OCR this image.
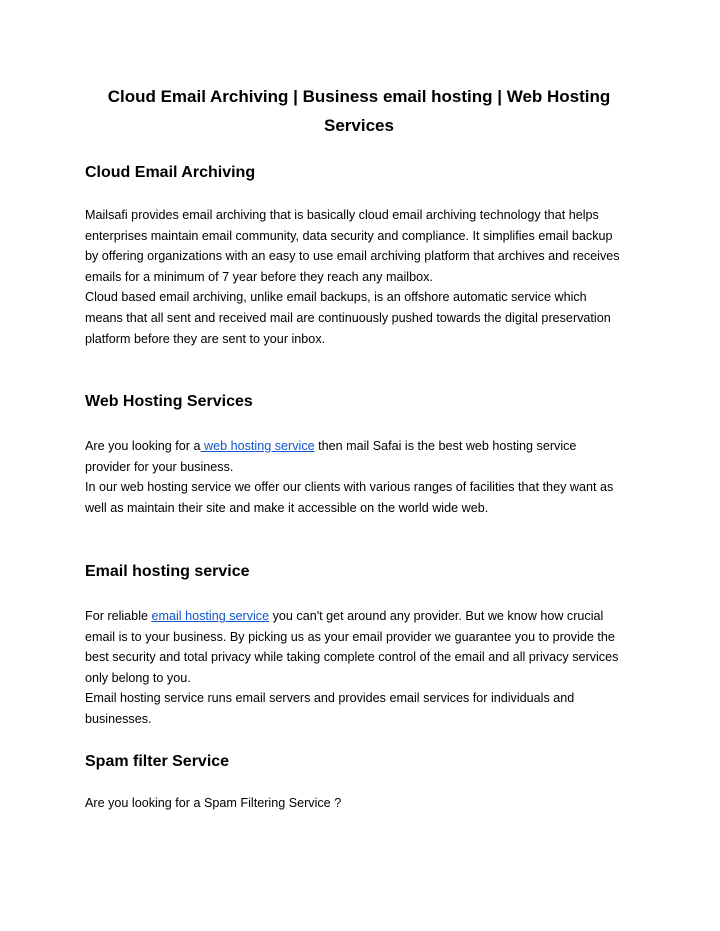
Cloud Email Archiving | Business email hosting | Web Hosting
Services
Cloud Email Archiving

Mailsafi provides email archiving that is basically cloud email archiving technology that helps
enterprises maintain email community, data security and compliance. It simplifies email backup
by offering organizations with an easy to use email archiving platform that archives and receives
emails for a minimum of 7 year before they reach any mailbox.
Cloud based email archiving, unlike email backups, is an offshore automatic service which
means that all sent and received mail are continuously pushed towards the digital preservation
platform before they are sent to your inbox.

Web Hosting Services

Are you looking for a web hosting service then mail Safai is the best web hosting service
provider for your business.
In our web hosting service we offer our clients with various ranges of facilities that they want as
well as maintain their site and make it accessible on the world wide web.

Email hosting service

For reliable email hosting service you can't get around any provider. But we know how crucial
email is to your business. By picking us as your email provider we guarantee you to provide the
best security and total privacy while taking complete control of the email and all privacy services
only belong to you.
Email hosting service runs email servers and provides email services for individuals and
businesses.

Spam filter Service

Are you looking for a Spam Filtering Service ?
